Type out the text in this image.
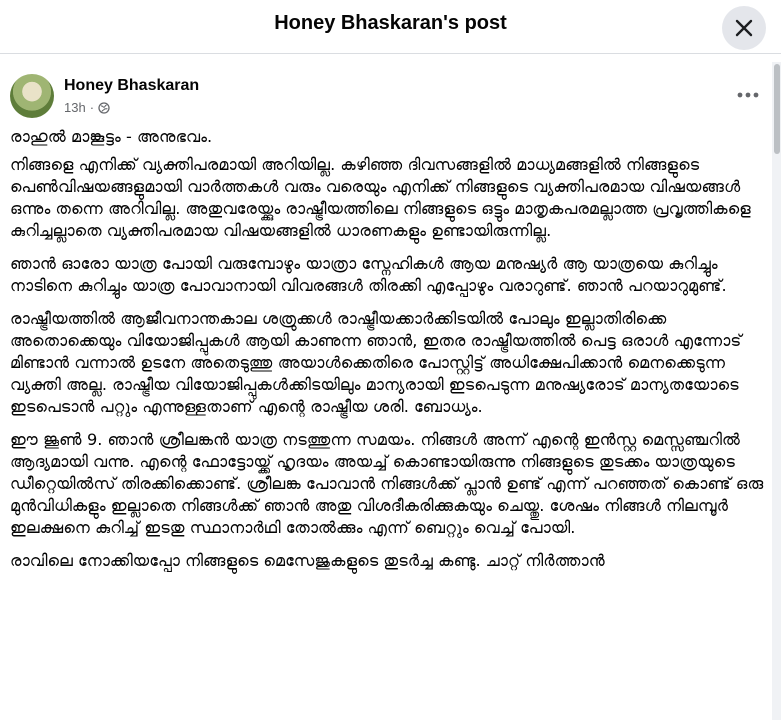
Honey Bhaskaran's post
Honey Bhaskaran
13h ·

രാഹുൽ മാങ്കൂട്ടം - അനുഭവം.

നിങ്ങളെ എനിക്ക് വ്യക്തിപരമായി അറിയില്ല. കഴിഞ്ഞ ദിവസങ്ങളിൽ മാധ്യമങ്ങളിൽ നിങ്ങളുടെ പെൺവിഷയങ്ങളുമായി വാർത്തകൾ വരും വരെയും എനിക്ക് നിങ്ങളുടെ വ്യക്തിപരമായ വിഷയങ്ങൾ ഒന്നും തന്നെ അറിവില്ല. അതുവരേയ്ക്കും രാഷ്ട്രീയത്തിലെ നിങ്ങളുടെ ഒട്ടും മാതൃകപരമല്ലാത്ത പ്രവൃത്തികളെ കുറിച്ചല്ലാതെ വ്യക്തിപരമായ വിഷയങ്ങളിൽ ധാരണകളും ഉണ്ടായിരുന്നില്ല.

ഞാൻ ഓരോ യാത്ര പോയി വരുമ്പോഴും യാത്രാ സ്നേഹികൾ ആയ മനുഷ്യർ ആ യാത്രയെ കുറിച്ചും നാടിനെ കുറിച്ചും യാത്ര പോവാനായി വിവരങ്ങൾ തിരക്കി എപ്പോഴും വരാറുണ്ട്. ഞാൻ പറയാറുമുണ്ട്.

രാഷ്ട്രീയത്തിൽ ആജീവനാന്തകാല ശത്രുക്കൾ രാഷ്ട്രീയക്കാർക്കിടയിൽ പോലും ഇല്ലാതിരിക്കെ അതൊക്കെയും വിയോജിപ്പുകൾ ആയി കാണുന്ന ഞാൻ, ഇതര രാഷ്ട്രീയത്തിൽ പെട്ട ഒരാൾ എന്നോട് മിണ്ടാൻ വന്നാൽ ഉടനേ അതെടുത്തു അയാൾക്കെതിരെ പോസ്റ്റിട്ട് അധിക്ഷേപിക്കാൻ മെനക്കെടുന്ന വ്യക്തി അല്ല. രാഷ്ട്രീയ വിയോജിപ്പുകൾക്കിടയിലും മാന്യരായി ഇടപെടുന്ന മനുഷ്യരോട് മാന്യതയോടെ ഇടപെടാൻ പറ്റും എന്നുള്ളതാണ് എന്റെ രാഷ്ട്രീയ ശരി. ബോധ്യം.

ഈ ജൂൺ 9. ഞാൻ ശ്രീലങ്കൻ യാത്ര നടത്തുന്ന സമയം. നിങ്ങൾ അന്ന് എന്റെ ഇൻസ്റ്റ മെസ്സഞ്ചറിൽ ആദ്യമായി വന്നു. എന്റെ ഫോട്ടോയ്ക്ക് ഹൃദയം അയച്ച് കൊണ്ടായിരുന്നു നിങ്ങളുടെ തുടക്കം യാത്രയുടെ ഡീറ്റെയിൽസ് തിരക്കിക്കൊണ്ട്. ശ്രീലങ്ക പോവാൻ നിങ്ങൾക്ക് പ്ലാൻ ഉണ്ട് എന്ന് പറഞ്ഞത് കൊണ്ട് ഒരു മുൻവിധികളും ഇല്ലാതെ നിങ്ങൾക്ക് ഞാൻ അതു വിശദീകരിക്കുകയും ചെയ്തു. ശേഷം നിങ്ങൾ നിലമ്പൂർ ഇലക്ഷനെ കുറിച്ച് ഇടതു സ്ഥാനാർഥി തോൽക്കും എന്ന് ബെറ്റും വെച്ച് പോയി.

രാവിലെ നോക്കിയപ്പോ നിങ്ങളുടെ മെസേജുകളുടെ തുടർച്ച കണ്ടു. ചാറ്റ് നിർത്താൻ
